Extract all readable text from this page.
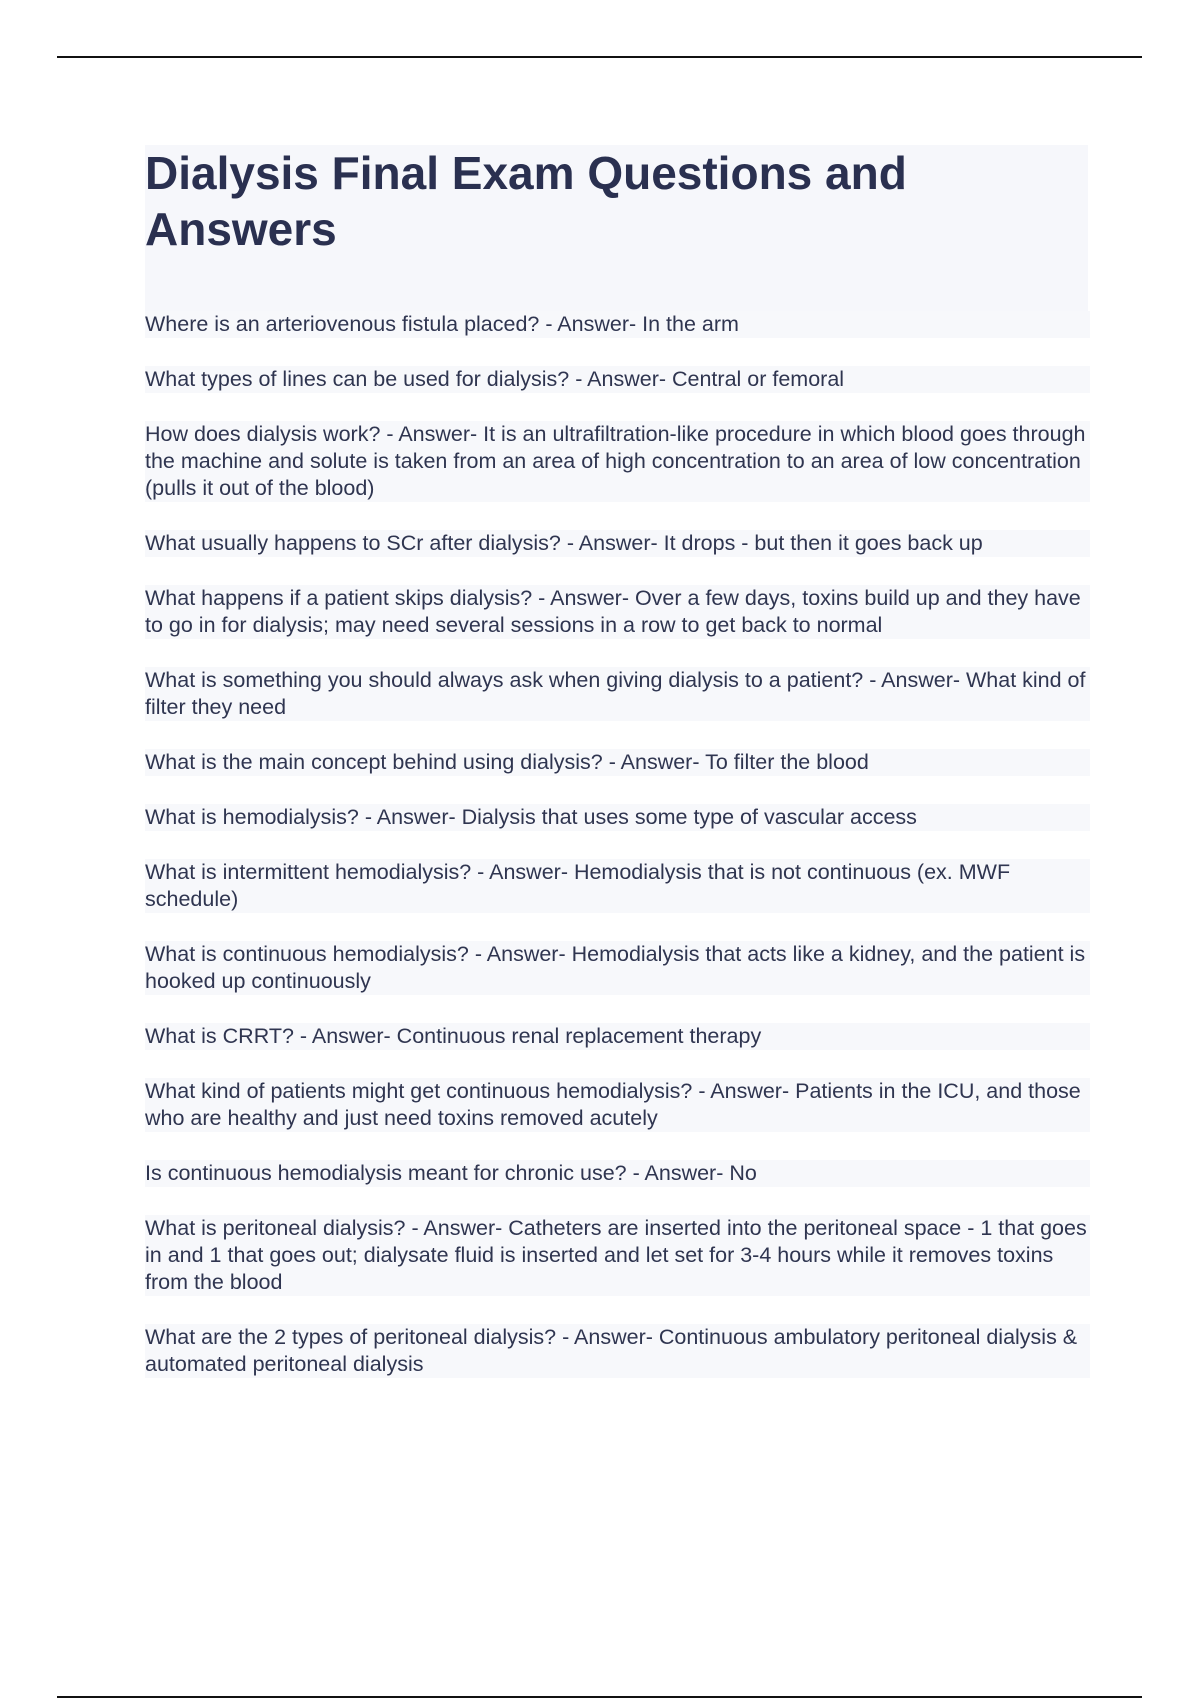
Dialysis Final Exam Questions and Answers
Where is an arteriovenous fistula placed? - Answer- In the arm
What types of lines can be used for dialysis? - Answer- Central or femoral
How does dialysis work? - Answer- It is an ultrafiltration-like procedure in which blood goes through the machine and solute is taken from an area of high concentration to an area of low concentration (pulls it out of the blood)
What usually happens to SCr after dialysis? - Answer- It drops - but then it goes back up
What happens if a patient skips dialysis? - Answer- Over a few days, toxins build up and they have to go in for dialysis; may need several sessions in a row to get back to normal
What is something you should always ask when giving dialysis to a patient? - Answer- What kind of filter they need
What is the main concept behind using dialysis? - Answer- To filter the blood
What is hemodialysis? - Answer- Dialysis that uses some type of vascular access
What is intermittent hemodialysis? - Answer- Hemodialysis that is not continuous (ex. MWF schedule)
What is continuous hemodialysis? - Answer- Hemodialysis that acts like a kidney, and the patient is hooked up continuously
What is CRRT? - Answer- Continuous renal replacement therapy
What kind of patients might get continuous hemodialysis? - Answer- Patients in the ICU, and those who are healthy and just need toxins removed acutely
Is continuous hemodialysis meant for chronic use? - Answer- No
What is peritoneal dialysis? - Answer- Catheters are inserted into the peritoneal space - 1 that goes in and 1 that goes out; dialysate fluid is inserted and let set for 3-4 hours while it removes toxins from the blood
What are the 2 types of peritoneal dialysis? - Answer- Continuous ambulatory peritoneal dialysis & automated peritoneal dialysis
